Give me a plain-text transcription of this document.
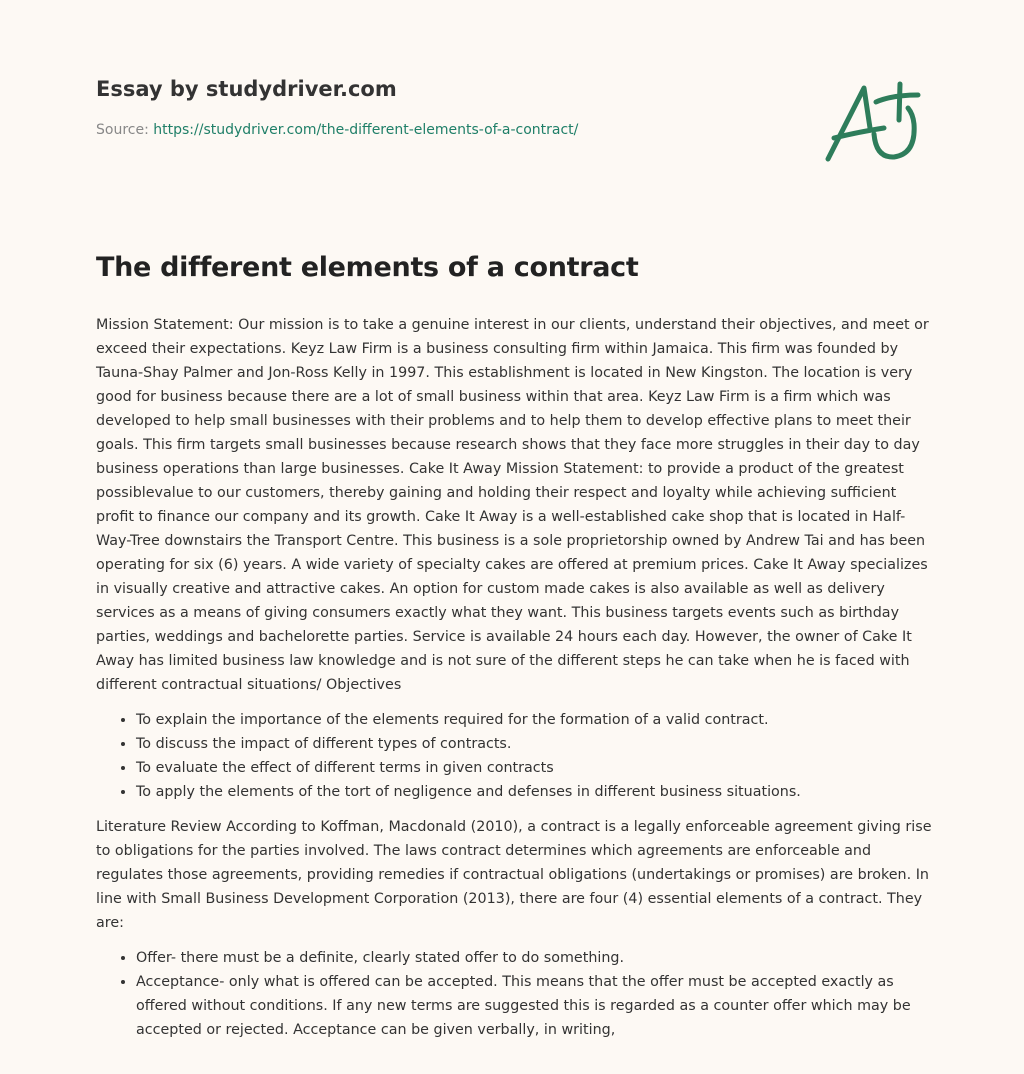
Essay by studydriver.com
Source: https://studydriver.com/the-different-elements-of-a-contract/
The different elements of a contract

Mission Statement: Our mission is to take a genuine interest in our clients, understand their objectives, and meet or exceed their expectations. Keyz Law Firm is a business consulting firm within Jamaica. This firm was founded by Tauna-Shay Palmer and Jon-Ross Kelly in 1997. This establishment is located in New Kingston. The location is very good for business because there are a lot of small business within that area. Keyz Law Firm is a firm which was developed to help small businesses with their problems and to help them to develop effective plans to meet their goals. This firm targets small businesses because research shows that they face more struggles in their day to day business operations than large businesses. Cake It Away Mission Statement: to provide a product of the greatest possiblevalue to our customers, thereby gaining and holding their respect and loyalty while achieving sufficient profit to finance our company and its growth. Cake It Away is a well-established cake shop that is located in Half-Way-Tree downstairs the Transport Centre. This business is a sole proprietorship owned by Andrew Tai and has been operating for six (6) years. A wide variety of specialty cakes are offered at premium prices. Cake It Away specializes in visually creative and attractive cakes. An option for custom made cakes is also available as well as delivery services as a means of giving consumers exactly what they want. This business targets events such as birthday parties, weddings and bachelorette parties. Service is available 24 hours each day. However, the owner of Cake It Away has limited business law knowledge and is not sure of the different steps he can take when he is faced with different contractual situations/ Objectives

• To explain the importance of the elements required for the formation of a valid contract.
• To discuss the impact of different types of contracts.
• To evaluate the effect of different terms in given contracts
• To apply the elements of the tort of negligence and defenses in different business situations.

Literature Review According to Koffman, Macdonald (2010), a contract is a legally enforceable agreement giving rise to obligations for the parties involved. The laws contract determines which agreements are enforceable and regulates those agreements, providing remedies if contractual obligations (undertakings or promises) are broken. In line with Small Business Development Corporation (2013), there are four (4) essential elements of a contract. They are:

• Offer- there must be a definite, clearly stated offer to do something.
• Acceptance- only what is offered can be accepted. This means that the offer must be accepted exactly as offered without conditions. If any new terms are suggested this is regarded as a counter offer which may be accepted or rejected. Acceptance can be given verbally, in writing,
